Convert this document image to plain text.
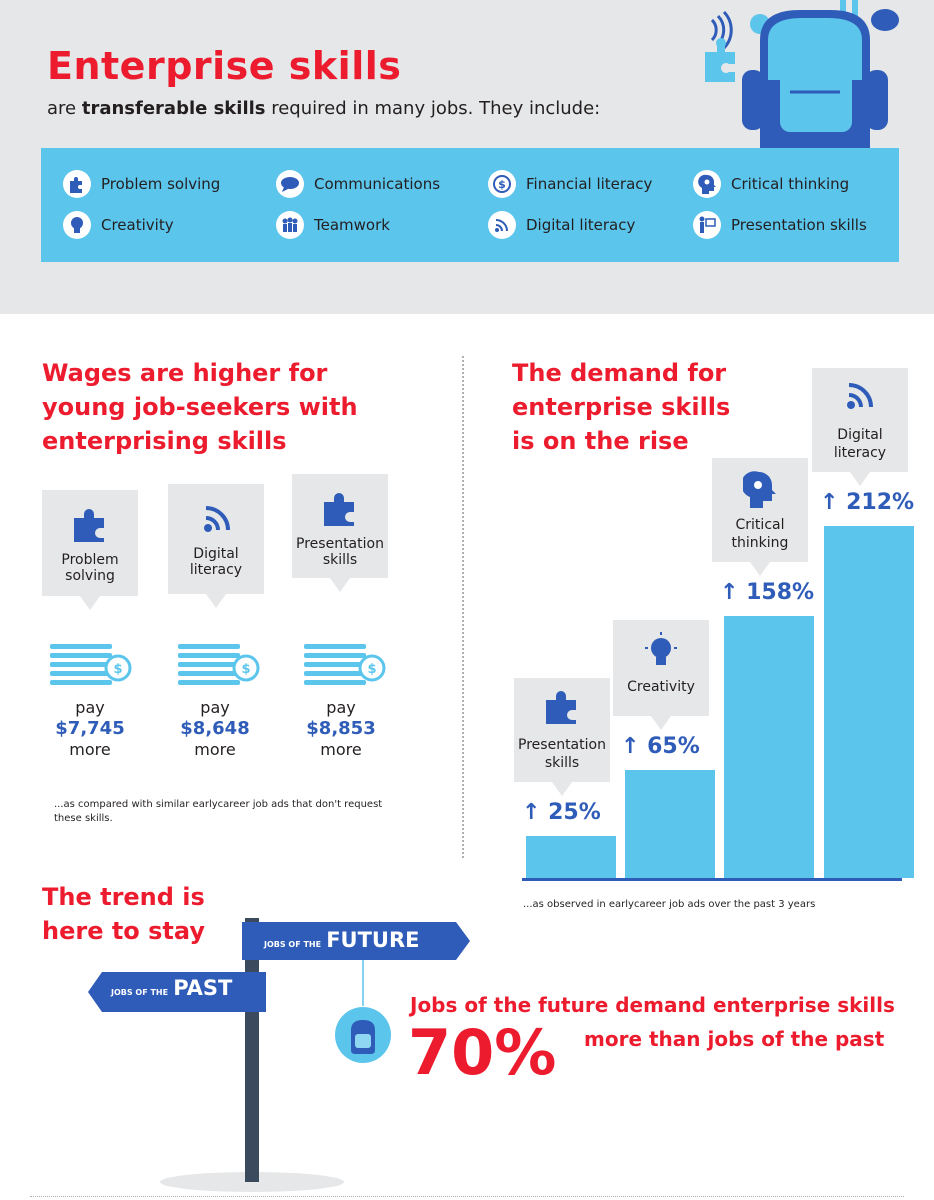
Enterprise skills
are transferable skills required in many jobs. They include:
Problem solving	Communications	$ Financial literacy	Critical thinking
Creativity	Teamwork	Digital literacy	Presentation skills
Wages are higher for
young job-seekers with
enterprising skills
Problem
solving
Digital
literacy
Presentation
skills
$	$	$
pay
$7,745
more
pay
$8,648
more
pay
$8,853
more
...as compared with similar earlycareer job ads that don't request
these skills.
The demand for
enterprise skills
is on the rise
↑ 25%
Presentation
skills
↑ 65%
Creativity
↑ 158%
Critical
thinking
↑ 212%
Digital
literacy
...as observed in earlycareer job ads over the past 3 years
The trend is
here to stay	JOBS OF THE FUTURE
JOBS OF THE PAST
Jobs of the future demand enterprise skills
70% more than jobs of the past
